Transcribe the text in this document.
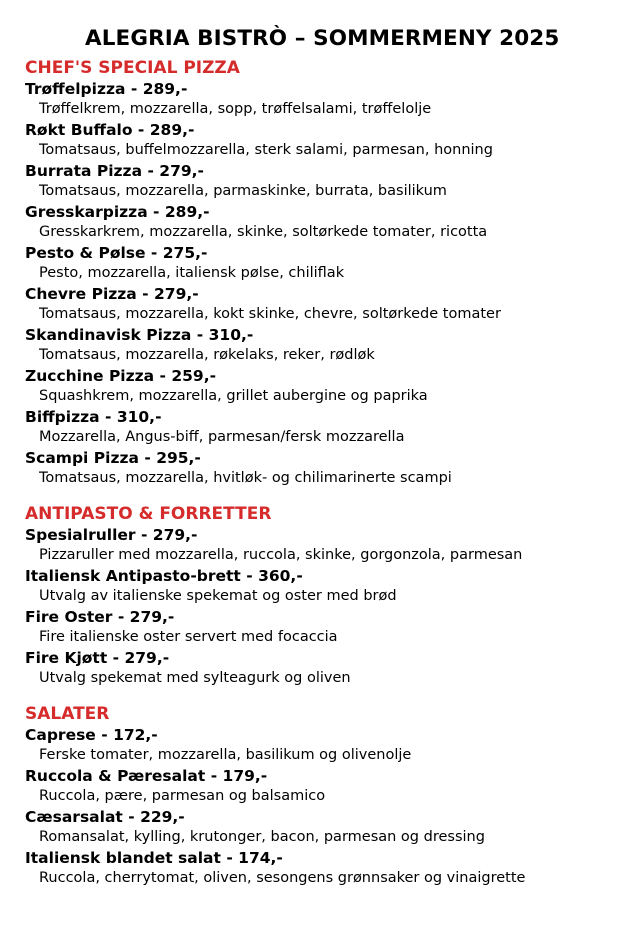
ALEGRIA BISTRÒ – SOMMERMENY 2025
CHEF'S SPECIAL PIZZA
Trøffelpizza - 289,-
Trøffelkrem, mozzarella, sopp, trøffelsalami, trøffelolje
Røkt Buffalo - 289,-
Tomatsaus, buffelmozzarella, sterk salami, parmesan, honning
Burrata Pizza - 279,-
Tomatsaus, mozzarella, parmaskinke, burrata, basilikum
Gresskarpizza - 289,-
Gresskarkrem, mozzarella, skinke, soltørkede tomater, ricotta
Pesto & Pølse - 275,-
Pesto, mozzarella, italiensk pølse, chiliflak
Chevre Pizza - 279,-
Tomatsaus, mozzarella, kokt skinke, chevre, soltørkede tomater
Skandinavisk Pizza - 310,-
Tomatsaus, mozzarella, røkelaks, reker, rødløk
Zucchine Pizza - 259,-
Squashkrem, mozzarella, grillet aubergine og paprika
Biffpizza - 310,-
Mozzarella, Angus-biff, parmesan/fersk mozzarella
Scampi Pizza - 295,-
Tomatsaus, mozzarella, hvitløk- og chilimarinerte scampi
ANTIPASTO & FORRETTER
Spesialruller - 279,-
Pizzaruller med mozzarella, ruccola, skinke, gorgonzola, parmesan
Italiensk Antipasto-brett - 360,-
Utvalg av italienske spekemat og oster med brød
Fire Oster - 279,-
Fire italienske oster servert med focaccia
Fire Kjøtt - 279,-
Utvalg spekemat med sylteagurk og oliven
SALATER
Caprese - 172,-
Ferske tomater, mozzarella, basilikum og olivenolje
Ruccola & Pæresalat - 179,-
Ruccola, pære, parmesan og balsamico
Cæsarsalat - 229,-
Romansalat, kylling, krutonger, bacon, parmesan og dressing
Italiensk blandet salat - 174,-
Ruccola, cherrytomat, oliven, sesongens grønnsaker og vinaigrette
